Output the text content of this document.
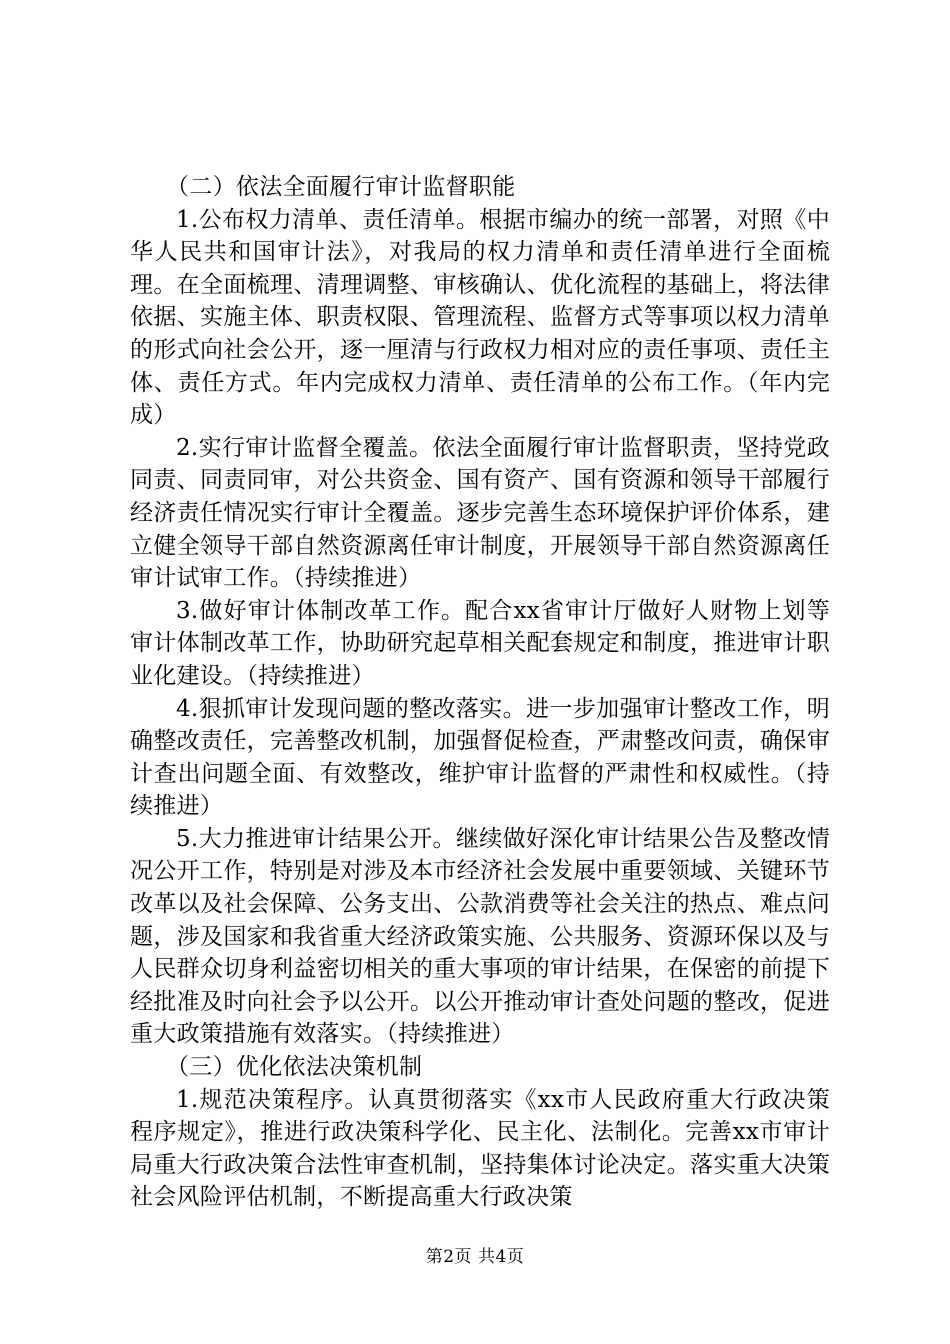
（二）依法全面履行审计监督职能

1.公布权力清单、责任清单。根据市编办的统一部署，对照《中华人民共和国审计法》，对我局的权力清单和责任清单进行全面梳理。在全面梳理、清理调整、审核确认、优化流程的基础上，将法律依据、实施主体、职责权限、管理流程、监督方式等事项以权力清单的形式向社会公开，逐一厘清与行政权力相对应的责任事项、责任主体、责任方式。年内完成权力清单、责任清单的公布工作。（年内完成）

2.实行审计监督全覆盖。依法全面履行审计监督职责，坚持党政同责、同责同审，对公共资金、国有资产、国有资源和领导干部履行经济责任情况实行审计全覆盖。逐步完善生态环境保护评价体系，建立健全领导干部自然资源离任审计制度，开展领导干部自然资源离任审计试审工作。（持续推进）

3.做好审计体制改革工作。配合xx省审计厅做好人财物上划等审计体制改革工作，协助研究起草相关配套规定和制度，推进审计职业化建设。（持续推进）

4.狠抓审计发现问题的整改落实。进一步加强审计整改工作，明确整改责任，完善整改机制，加强督促检查，严肃整改问责，确保审计查出问题全面、有效整改，维护审计监督的严肃性和权威性。（持续推进）

5.大力推进审计结果公开。继续做好深化审计结果公告及整改情况公开工作，特别是对涉及本市经济社会发展中重要领域、关键环节改革以及社会保障、公务支出、公款消费等社会关注的热点、难点问题，涉及国家和我省重大经济政策实施、公共服务、资源环保以及与人民群众切身利益密切相关的重大事项的审计结果，在保密的前提下经批准及时向社会予以公开。以公开推动审计查处问题的整改，促进重大政策措施有效落实。（持续推进）

（三）优化依法决策机制

1.规范决策程序。认真贯彻落实《xx市人民政府重大行政决策程序规定》，推进行政决策科学化、民主化、法制化。完善xx市审计局重大行政决策合法性审查机制，坚持集体讨论决定。落实重大决策社会风险评估机制，不断提高重大行政决策

第2页 共4页
